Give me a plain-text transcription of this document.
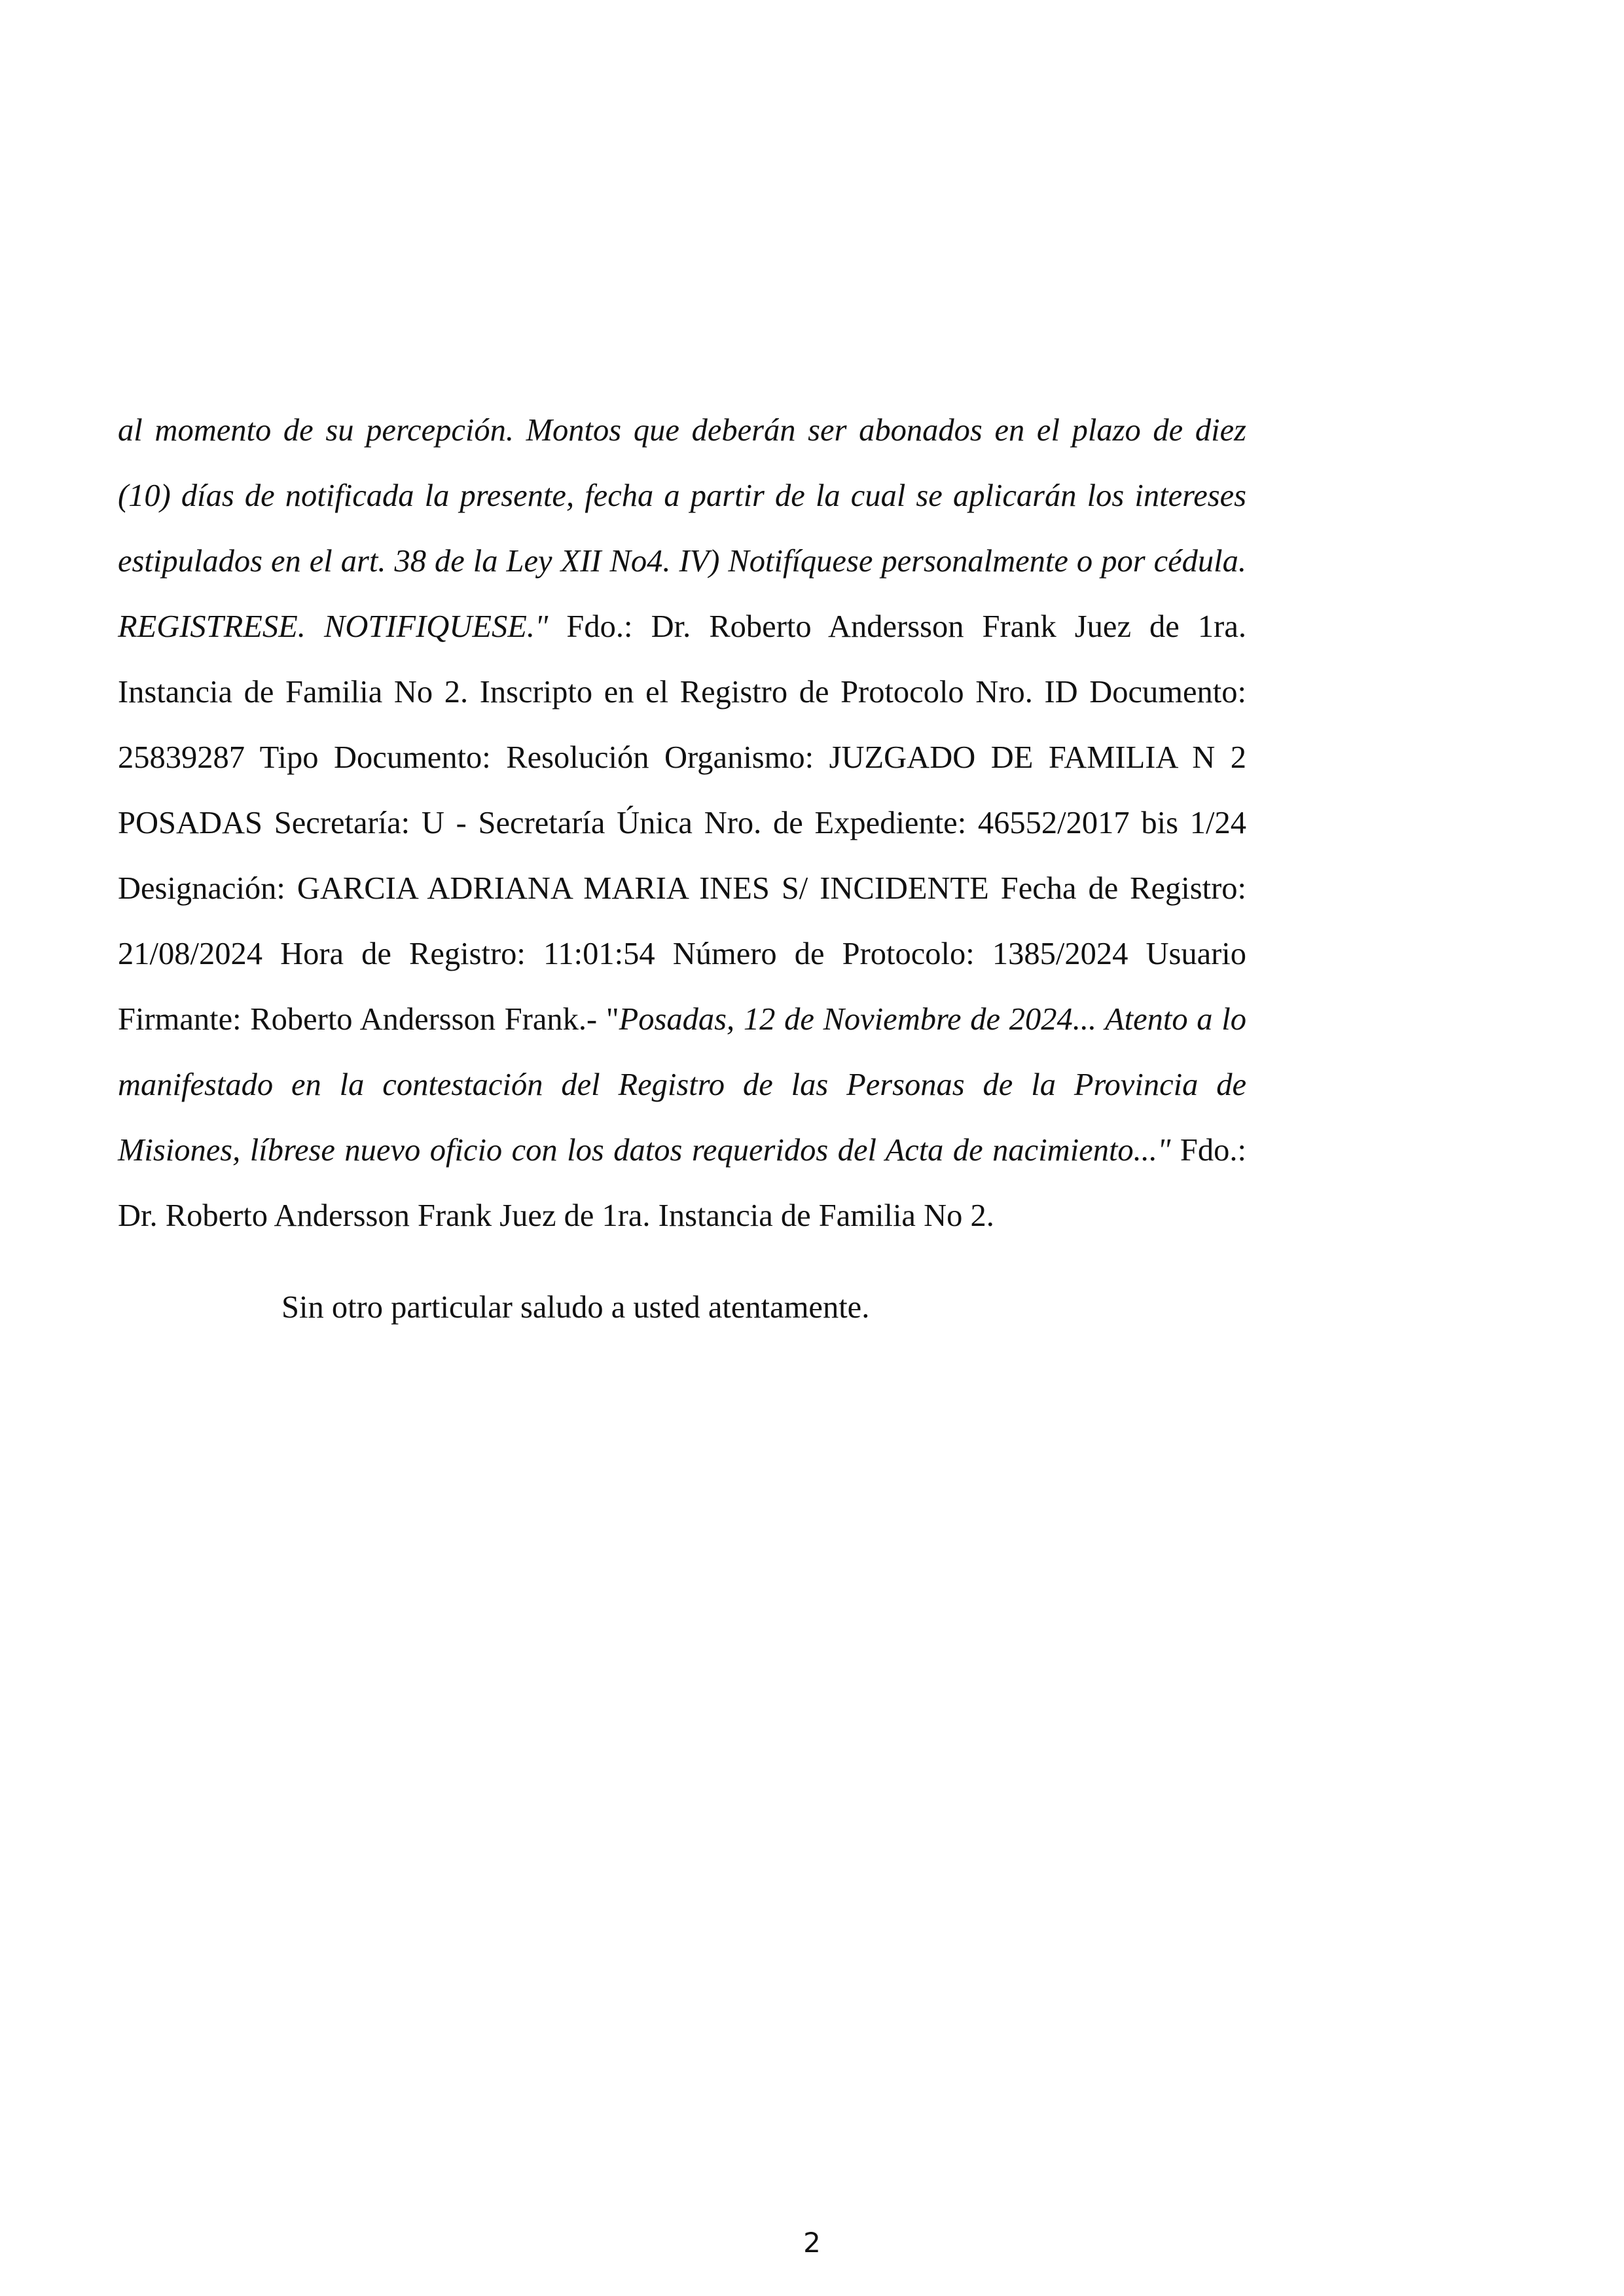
al momento de su percepción. Montos que deberán ser abonados en el plazo de diez (10) días de notificada la presente, fecha a partir de la cual se aplicarán los intereses estipulados en el art. 38 de la Ley XII No4. IV) Notifíquese personalmente o por cédula. REGISTRESE. NOTIFIQUESE." Fdo.: Dr. Roberto Andersson Frank Juez de 1ra. Instancia de Familia No 2. Inscripto en el Registro de Protocolo Nro. ID Documento: 25839287 Tipo Documento: Resolución Organismo: JUZGADO DE FAMILIA N 2 POSADAS Secretaría: U - Secretaría Única Nro. de Expediente: 46552/2017 bis 1/24 Designación: GARCIA ADRIANA MARIA INES S/ INCIDENTE Fecha de Registro: 21/08/2024 Hora de Registro: 11:01:54 Número de Protocolo: 1385/2024 Usuario Firmante: Roberto Andersson Frank.- "Posadas, 12 de Noviembre de 2024... Atento a lo manifestado en la contestación del Registro de las Personas de la Provincia de Misiones, líbrese nuevo oficio con los datos requeridos del Acta de nacimiento..." Fdo.: Dr. Roberto Andersson Frank Juez de 1ra. Instancia de Familia No 2.

Sin otro particular saludo a usted atentamente.

2
